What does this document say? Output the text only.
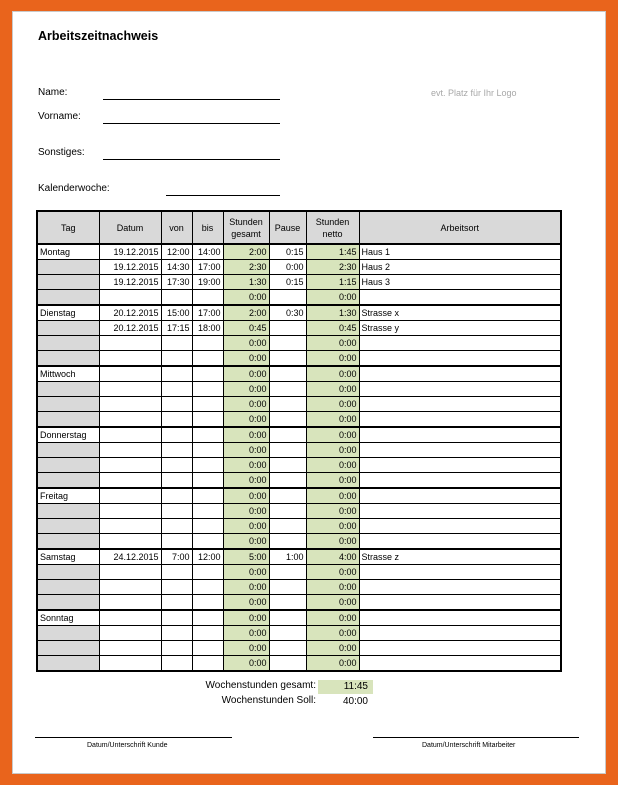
Arbeitszeitnachweis
Name:
Vorname:
Sonstiges:
Kalenderwoche:
evt. Platz für Ihr Logo
Tag	Datum	von	bis	Stunden gesamt	Pause	Stunden netto	Arbeitsort
Montag	19.12.2015	12:00	14:00	2:00	0:15	1:45	Haus 1
	19.12.2015	14:30	17:00	2:30	0:00	2:30	Haus 2
	19.12.2015	17:30	19:00	1:30	0:15	1:15	Haus 3
				0:00		0:00	
Dienstag	20.12.2015	15:00	17:00	2:00	0:30	1:30	Strasse x
	20.12.2015	17:15	18:00	0:45		0:45	Strasse y
				0:00		0:00	
				0:00		0:00	
Mittwoch				0:00		0:00	
				0:00		0:00	
				0:00		0:00	
				0:00		0:00	
Donnerstag				0:00		0:00	
				0:00		0:00	
				0:00		0:00	
				0:00		0:00	
Freitag				0:00		0:00	
				0:00		0:00	
				0:00		0:00	
				0:00		0:00	
Samstag	24.12.2015	7:00	12:00	5:00	1:00	4:00	Strasse z
				0:00		0:00	
				0:00		0:00	
				0:00		0:00	
Sonntag				0:00		0:00	
				0:00		0:00	
				0:00		0:00	
				0:00		0:00	
Wochenstunden gesamt:	11:45
Wochenstunden Soll:	40:00
Datum/Unterschrift Kunde	Datum/Unterschrift Mitarbeiter
